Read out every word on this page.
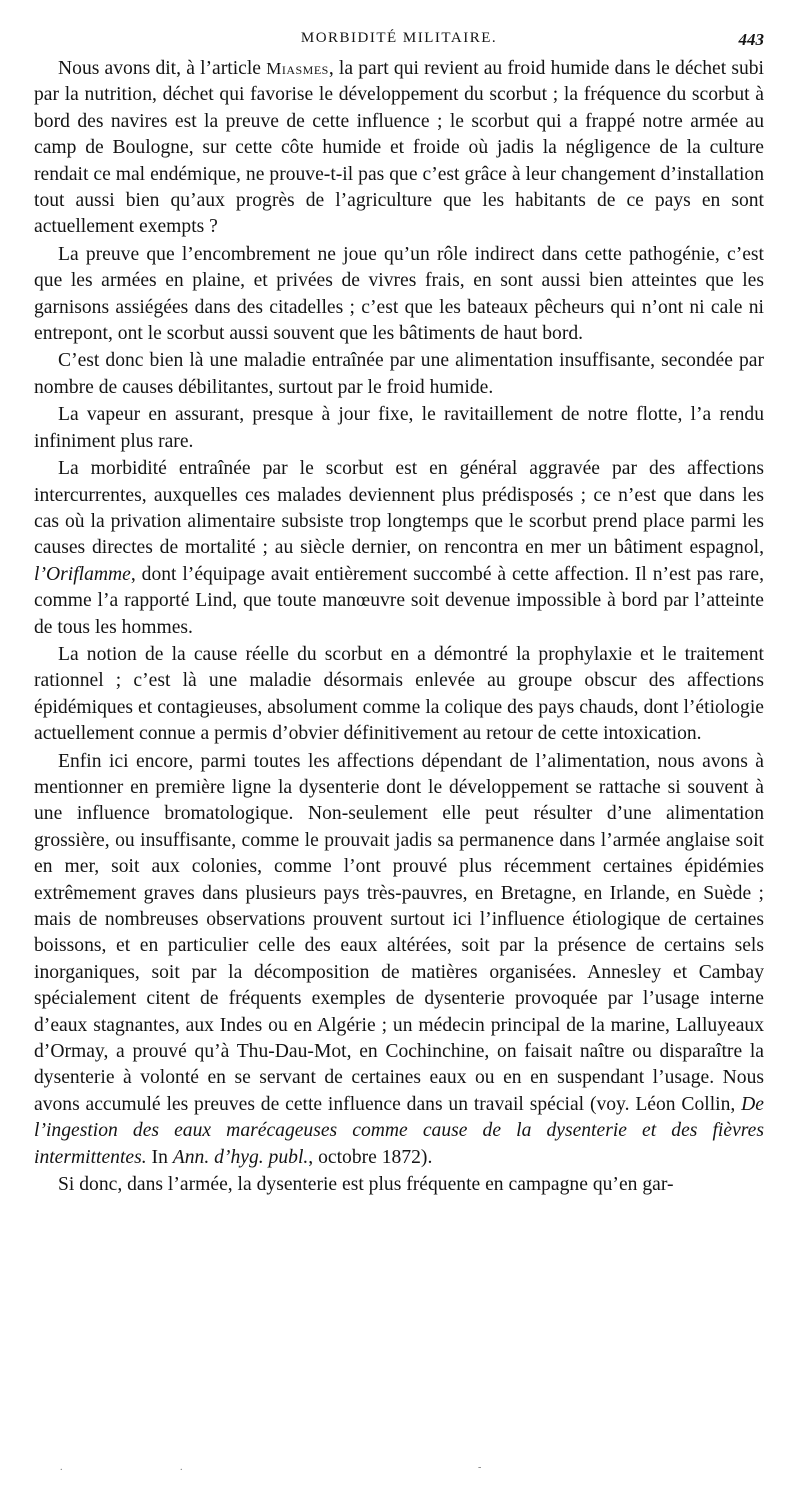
MORBIDITÉ MILITAIRE.	443

Nous avons dit, à l’article Miasmes, la part qui revient au froid humide dans le déchet subi par la nutrition, déchet qui favorise le développement du scorbut ; la fréquence du scorbut à bord des navires est la preuve de cette influence ; le scorbut qui a frappé notre armée au camp de Boulogne, sur cette côte humide et froide où jadis la négligence de la culture rendait ce mal endémique, ne prouve-t-il pas que c’est grâce à leur changement d’installation tout aussi bien qu’aux progrès de l’agriculture que les habitants de ce pays en sont actuellement exempts ?

La preuve que l’encombrement ne joue qu’un rôle indirect dans cette pathogénie, c’est que les armées en plaine, et privées de vivres frais, en sont aussi bien atteintes que les garnisons assiégées dans des citadelles ; c’est que les bateaux pêcheurs qui n’ont ni cale ni entrepont, ont le scorbut aussi souvent que les bâtiments de haut bord.

C’est donc bien là une maladie entraînée par une alimentation insuffisante, secondée par nombre de causes débilitantes, surtout par le froid humide.

La vapeur en assurant, presque à jour fixe, le ravitaillement de notre flotte, l’a rendu infiniment plus rare.

La morbidité entraînée par le scorbut est en général aggravée par des affections intercurrentes, auxquelles ces malades deviennent plus prédisposés ; ce n’est que dans les cas où la privation alimentaire subsiste trop longtemps que le scorbut prend place parmi les causes directes de mortalité ; au siècle dernier, on rencontra en mer un bâtiment espagnol, l’Oriflamme, dont l’équipage avait entièrement succombé à cette affection. Il n’est pas rare, comme l’a rapporté Lind, que toute manœuvre soit devenue impossible à bord par l’atteinte de tous les hommes.

La notion de la cause réelle du scorbut en a démontré la prophylaxie et le traitement rationnel ; c’est là une maladie désormais enlevée au groupe obscur des affections épidémiques et contagieuses, absolument comme la colique des pays chauds, dont l’étiologie actuellement connue a permis d’obvier définitivement au retour de cette intoxication.

Enfin ici encore, parmi toutes les affections dépendant de l’alimentation, nous avons à mentionner en première ligne la dysenterie dont le développement se rattache si souvent à une influence bromatologique. Non-seulement elle peut résulter d’une alimentation grossière, ou insuffisante, comme le prouvait jadis sa permanence dans l’armée anglaise soit en mer, soit aux colonies, comme l’ont prouvé plus récemment certaines épidémies extrêmement graves dans plusieurs pays très-pauvres, en Bretagne, en Irlande, en Suède ; mais de nombreuses observations prouvent surtout ici l’influence étiologique de certaines boissons, et en particulier celle des eaux altérées, soit par la présence de certains sels inorganiques, soit par la décomposition de matières organisées. Annesley et Cambay spécialement citent de fréquents exemples de dysenterie provoquée par l’usage interne d’eaux stagnantes, aux Indes ou en Algérie ; un médecin principal de la marine, Lalluyeaux d’Ormay, a prouvé qu’à Thu-Dau-Mot, en Cochinchine, on faisait naître ou disparaître la dysenterie à volonté en se servant de certaines eaux ou en en suspendant l’usage. Nous avons accumulé les preuves de cette influence dans un travail spécial (voy. Léon Collin, De l’ingestion des eaux marécageuses comme cause de la dysenterie et des fièvres intermittentes. In Ann. d’hyg. publ., octobre 1872).

Si donc, dans l’armée, la dysenterie est plus fréquente en campagne qu’en gar-

.	.	-
